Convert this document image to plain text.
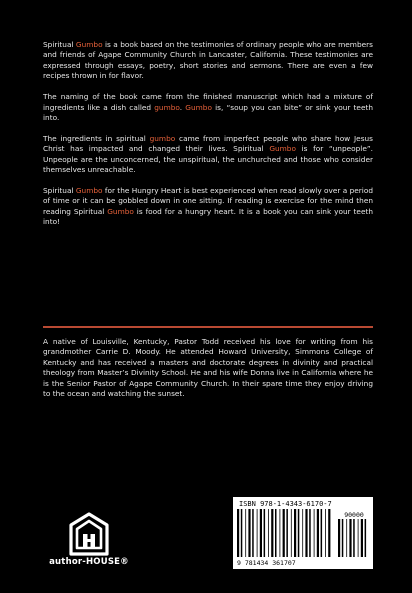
Spiritual Gumbo is a book based on the testimonies of ordinary people who are members and friends of Agape Community Church in Lancaster, California. These testimonies are expressed through essays, poetry, short stories and sermons. There are even a few recipes thrown in for flavor.

The naming of the book came from the finished manuscript which had a mixture of ingredients like a dish called gumbo. Gumbo is, “soup you can bite” or sink your teeth into.

The ingredients in spiritual gumbo came from imperfect people who share how Jesus Christ has impacted and changed their lives. Spiritual Gumbo is for “unpeople”. Unpeople are the unconcerned, the unspiritual, the unchurched and those who consider themselves unreachable.

Spiritual Gumbo for the Hungry Heart is best experienced when read slowly over a period of time or it can be gobbled down in one sitting. If reading is exercise for the mind then reading Spiritual Gumbo is food for a hungry heart. It is a book you can sink your teeth into!

A native of Louisville, Kentucky, Pastor Todd received his love for writing from his grandmother Carrie D. Moody. He attended Howard University, Simmons College of Kentucky and has received a masters and doctorate degrees in divinity and practical theology from Master’s Divinity School. He and his wife Donna live in California where he is the Senior Pastor of Agape Community Church. In their spare time they enjoy driving to the ocean and watching the sunset.

author-HOUSE®
ISBN 978-1-4343-6170-7
90000
9 781434 361707
